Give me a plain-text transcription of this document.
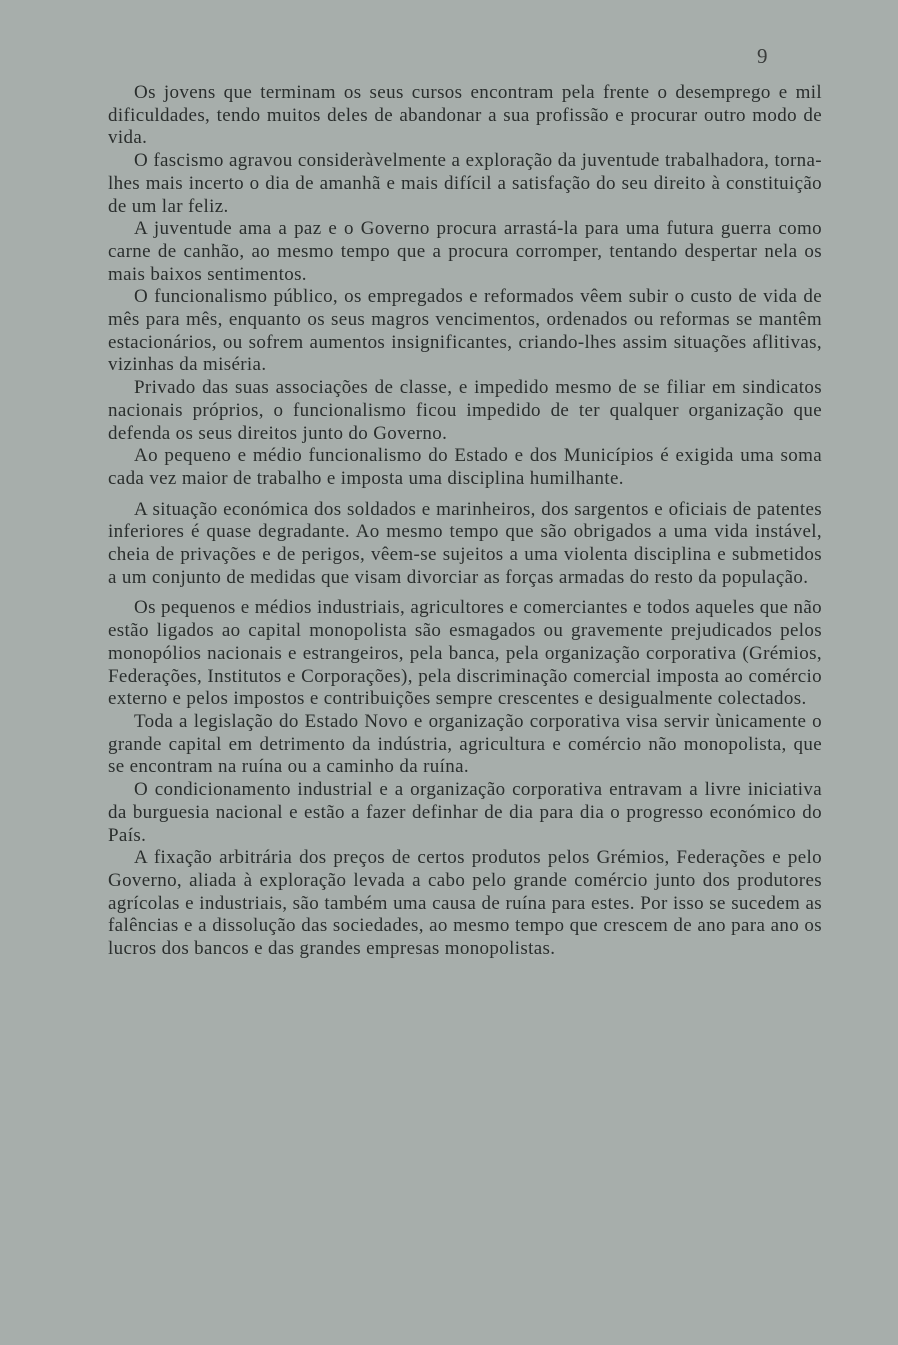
9

Os jovens que terminam os seus cursos encontram pela frente o desemprego e mil dificuldades, tendo muitos deles de abandonar a sua profissão e procurar outro modo de vida.

O fascismo agravou consideràvelmente a exploração da juventude trabalhadora, torna-lhes mais incerto o dia de amanhã e mais difícil a satisfação do seu direito à constituição de um lar feliz.

A juventude ama a paz e o Governo procura arrastá-la para uma futura guerra como carne de canhão, ao mesmo tempo que a procura corromper, tentando despertar nela os mais baixos sentimentos.

O funcionalismo público, os empregados e reformados vêem subir o custo de vida de mês para mês, enquanto os seus magros vencimentos, ordenados ou reformas se mantêm estacionários, ou sofrem aumentos insignificantes, criando-lhes assim situações aflitivas, vizinhas da miséria.

Privado das suas associações de classe, e impedido mesmo de se filiar em sindicatos nacionais próprios, o funcionalismo ficou impedido de ter qualquer organização que defenda os seus direitos junto do Governo.

Ao pequeno e médio funcionalismo do Estado e dos Municípios é exigida uma soma cada vez maior de trabalho e imposta uma disciplina humilhante.

A situação económica dos soldados e marinheiros, dos sargentos e oficiais de patentes inferiores é quase degradante. Ao mesmo tempo que são obrigados a uma vida instável, cheia de privações e de perigos, vêem-se sujeitos a uma violenta disciplina e submetidos a um conjunto de medidas que visam divorciar as forças armadas do resto da população.

Os pequenos e médios industriais, agricultores e comerciantes e todos aqueles que não estão ligados ao capital monopolista são esmagados ou gravemente prejudicados pelos monopólios nacionais e estrangeiros, pela banca, pela organização corporativa (Grémios, Federações, Institutos e Corporações), pela discriminação comercial imposta ao comércio externo e pelos impostos e contribuições sempre crescentes e desigualmente colectados.

Toda a legislação do Estado Novo e organização corporativa visa servir ùnicamente o grande capital em detrimento da indústria, agricultura e comércio não monopolista, que se encontram na ruína ou a caminho da ruína.

O condicionamento industrial e a organização corporativa entravam a livre iniciativa da burguesia nacional e estão a fazer definhar de dia para dia o progresso económico do País.

A fixação arbitrária dos preços de certos produtos pelos Grémios, Federações e pelo Governo, aliada à exploração levada a cabo pelo grande comércio junto dos produtores agrícolas e industriais, são também uma causa de ruína para estes. Por isso se sucedem as falências e a dissolução das sociedades, ao mesmo tempo que crescem de ano para ano os lucros dos bancos e das grandes empresas monopolistas.
